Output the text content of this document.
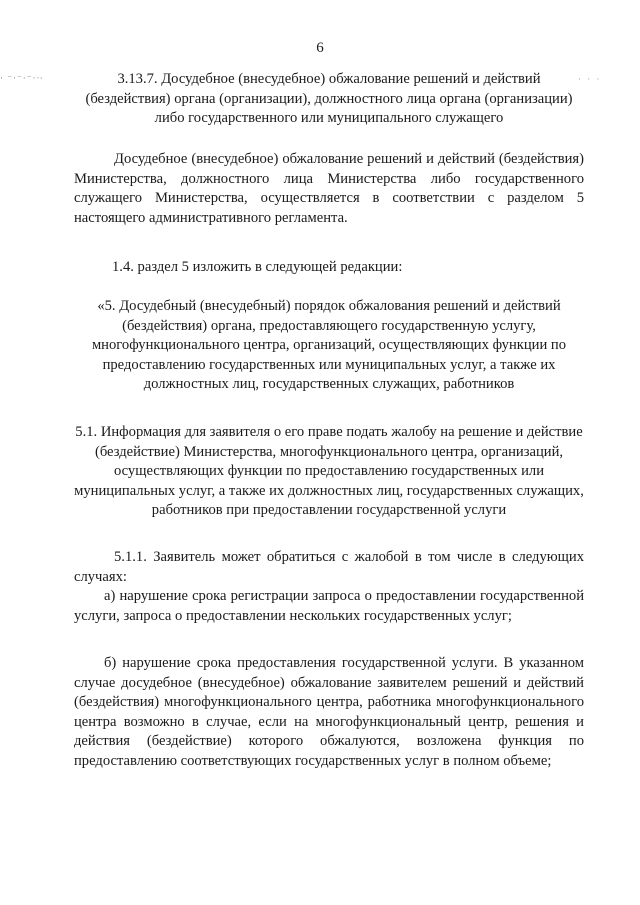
· ⁻·⁻·⁻·ᐧ·	· · ·
6

3.13.7. Досудебное (внесудебное) обжалование решений и действий (бездействия) органа (организации), должностного лица органа (организации) либо государственного или муниципального служащего

Досудебное (внесудебное) обжалование решений и действий (бездействия) Министерства, должностного лица Министерства либо государственного служащего Министерства, осуществляется в соответствии с разделом 5 настоящего административного регламента.

1.4. раздел 5 изложить в следующей редакции:

«5. Досудебный (внесудебный) порядок обжалования решений и действий (бездействия) органа, предоставляющего государственную услугу, многофункционального центра, организаций, осуществляющих функции по предоставлению государственных или муниципальных услуг, а также их должностных лиц, государственных служащих, работников

5.1. Информация для заявителя о его праве подать жалобу на решение и действие (бездействие) Министерства, многофункционального центра, организаций, осуществляющих функции по предоставлению государственных или муниципальных услуг, а также их должностных лиц, государственных служащих, работников при предоставлении государственной услуги

5.1.1. Заявитель может обратиться с жалобой в том числе в следующих случаях:

а) нарушение срока регистрации запроса о предоставлении государственной услуги, запроса о предоставлении нескольких государственных услуг;

б) нарушение срока предоставления государственной услуги. В указанном случае досудебное (внесудебное) обжалование заявителем решений и действий (бездействия) многофункционального центра, работника многофункционального центра возможно в случае, если на многофункциональный центр, решения и действия (бездействие) которого обжалуются, возложена функция по предоставлению соответствующих государственных услуг в полном объеме;
